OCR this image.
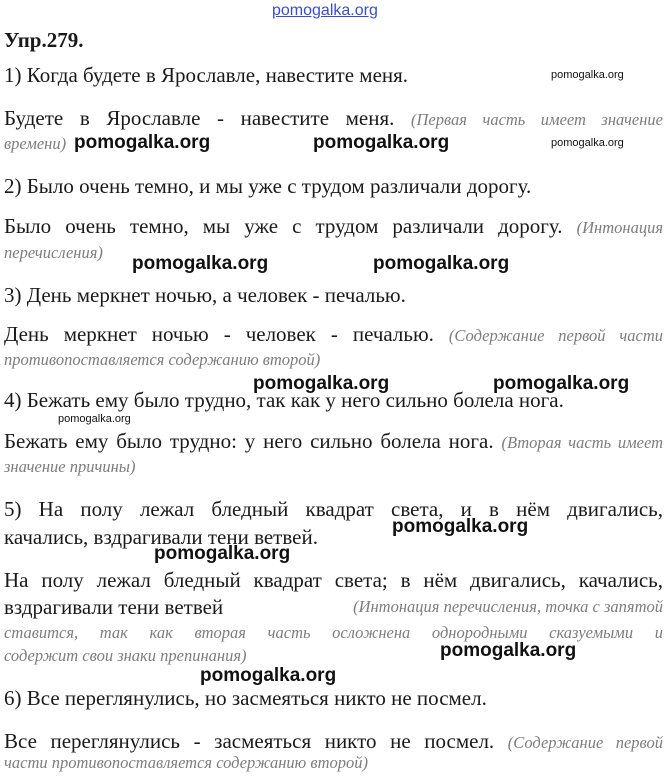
pomogalka.org
Упр.279.
1) Когда будете в Ярославле, навестите меня.
Будете в Ярославле - навестите меня. (Первая часть имеет значение
времени)
2) Было очень темно, и мы уже с трудом различали дорогу.
Было очень темно, мы уже с трудом различали дорогу. (Интонация
перечисления)
3) День меркнет ночью, а человек - печалью.
День меркнет ночью - человек - печалью. (Содержание первой части
противопоставляется содержанию второй)
4) Бежать ему было трудно, так как у него сильно болела нога.
Бежать ему было трудно: у него сильно болела нога. (Вторая часть имеет
значение причины)
5) На полу лежал бледный квадрат света, и в нём двигались,
качались, вздрагивали тени ветвей.
На полу лежал бледный квадрат света; в нём двигались, качались,
вздрагивали тени ветвей	(Интонация перечисления, точка с запятой
ставится, так как вторая часть осложнена однородными сказуемыми и
содержит свои знаки препинания)
6) Все переглянулись, но засмеяться никто не посмел.
Все переглянулись - засмеяться никто не посмел. (Содержание первой
части противопоставляется содержанию второй)
pomogalka.org
pomogalka.org	pomogalka.org	pomogalka.org
pomogalka.org	pomogalka.org
pomogalka.org	pomogalka.org
pomogalka.org
pomogalka.org
pomogalka.org
pomogalka.org
pomogalka.org
